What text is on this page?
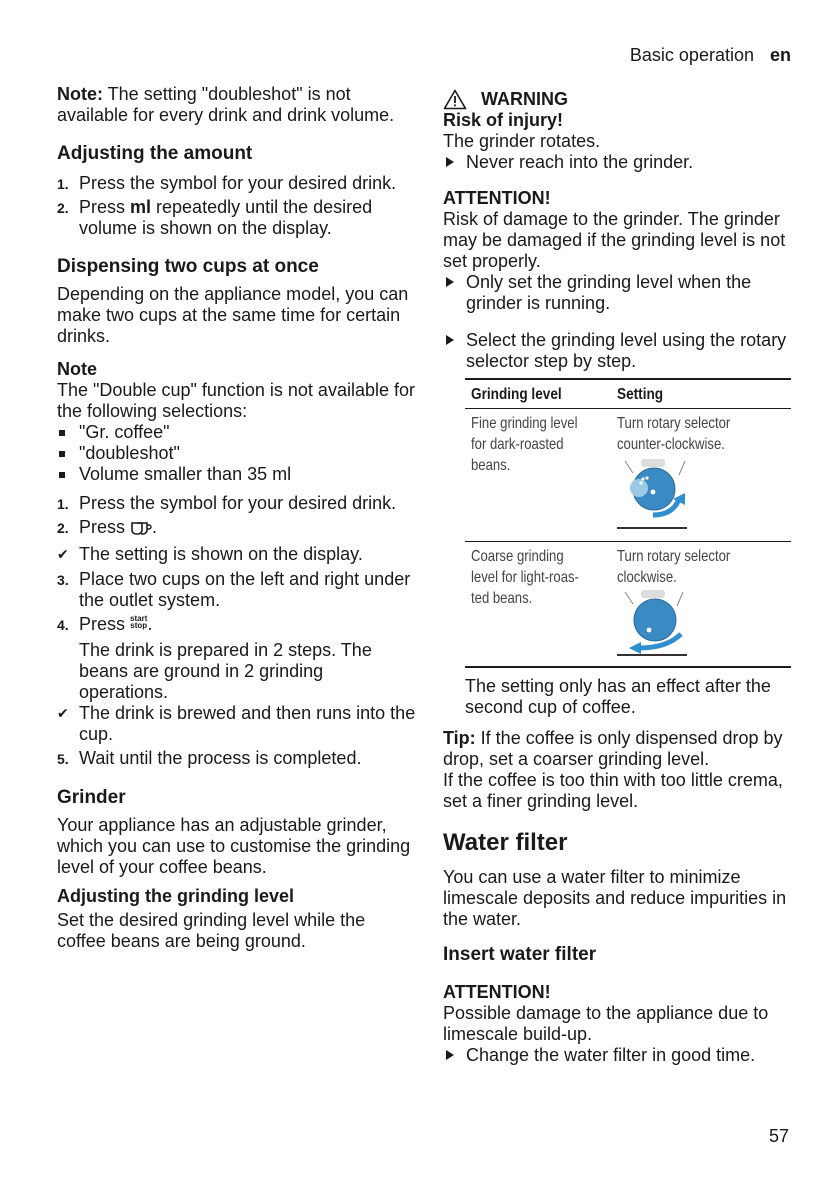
Basic operation en

Note: The setting "doubleshot" is not available for every drink and drink volume.

Adjusting the amount
1. Press the symbol for your desired drink.
2. Press ml repeatedly until the desired volume is shown on the display.
Dispensing two cups at once

Depending on the appliance model, you can make two cups at the same time for certain drinks.

Note

The "Double cup" function is not available for the following selections:

"Gr. coffee"
"doubleshot"
Volume smaller than 35 ml
1. Press the symbol for your desired drink.
2. Press .
✔ The setting is shown on the display.
3. Place two cups on the left and right under the outlet system.
4. Press start
stop.
The drink is prepared in 2 steps. The beans are ground in 2 grinding operations.
✔ The drink is brewed and then runs into the cup.
5. Wait until the process is completed.
Grinder

Your appliance has an adjustable grinder, which you can use to customise the grinding level of your coffee beans.

Adjusting the grinding level

Set the desired grinding level while the coffee beans are being ground.

WARNING

Risk of injury!

The grinder rotates.

Never reach into the grinder.

ATTENTION!

Risk of damage to the grinder. The grinder may be damaged if the grinding level is not set properly.

Only set the grinding level when the grinder is running.
Select the grinding level using the rotary selector step by step.
Grinding level	Setting
Fine grinding level
for dark-roasted
beans.	Turn rotary selector
counter-clockwise.

Coarse grinding
level for light-roas-
ted beans.	Turn rotary selector
clockwise.

The setting only has an effect after the second cup of coffee.

Tip: If the coffee is only dispensed drop by drop, set a coarser grinding level.

If the coffee is too thin with too little crema, set a finer grinding level.

Water filter

You can use a water filter to minimize limescale deposits and reduce impurities in the water.

Insert water filter

ATTENTION!

Possible damage to the appliance due to limescale build-up.

Change the water filter in good time.
57
